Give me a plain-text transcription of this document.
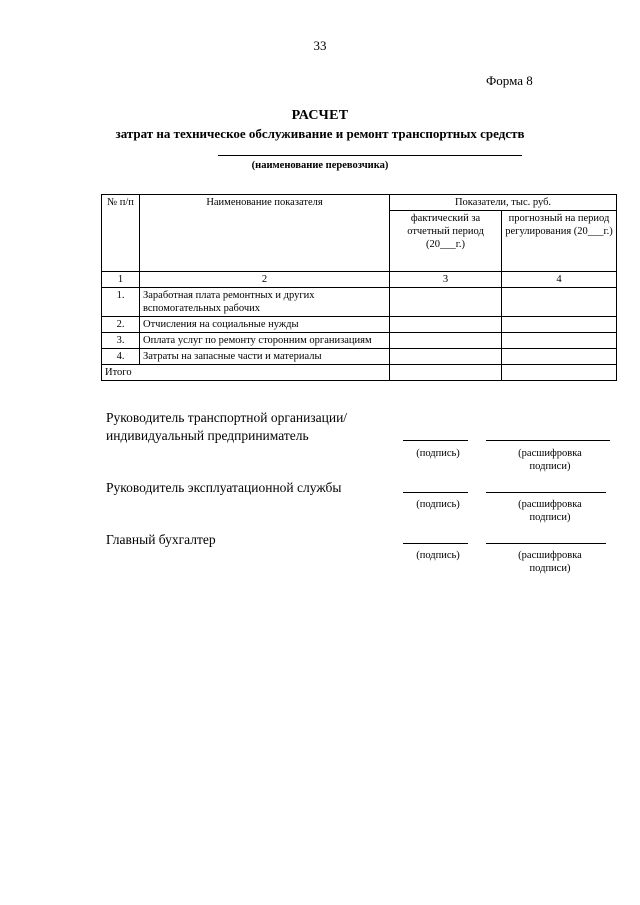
33
Форма 8
РАСЧЕТ
затрат на техническое обслуживание и ремонт транспортных средств
(наименование перевозчика)
№ п/п	Наименование показателя	Показатели, тыс. руб.	
		фактический за отчетный период (20___г.)	прогнозный на период регулирования (20___г.)
1	2	3	4
1.	Заработная плата ремонтных и других вспомогательных рабочих		
2.	Отчисления на социальные нужды		
3.	Оплата услуг по ремонту сторонним организациям		
4.	Затраты на запасные части и материалы		
Итого			
Руководитель транспортной организации/
индивидуальный предприниматель
(подпись)	(расшифровка
подписи)
Руководитель эксплуатационной службы
(подпись)	(расшифровка
подписи)
Главный бухгалтер
(подпись)	(расшифровка
подписи)
